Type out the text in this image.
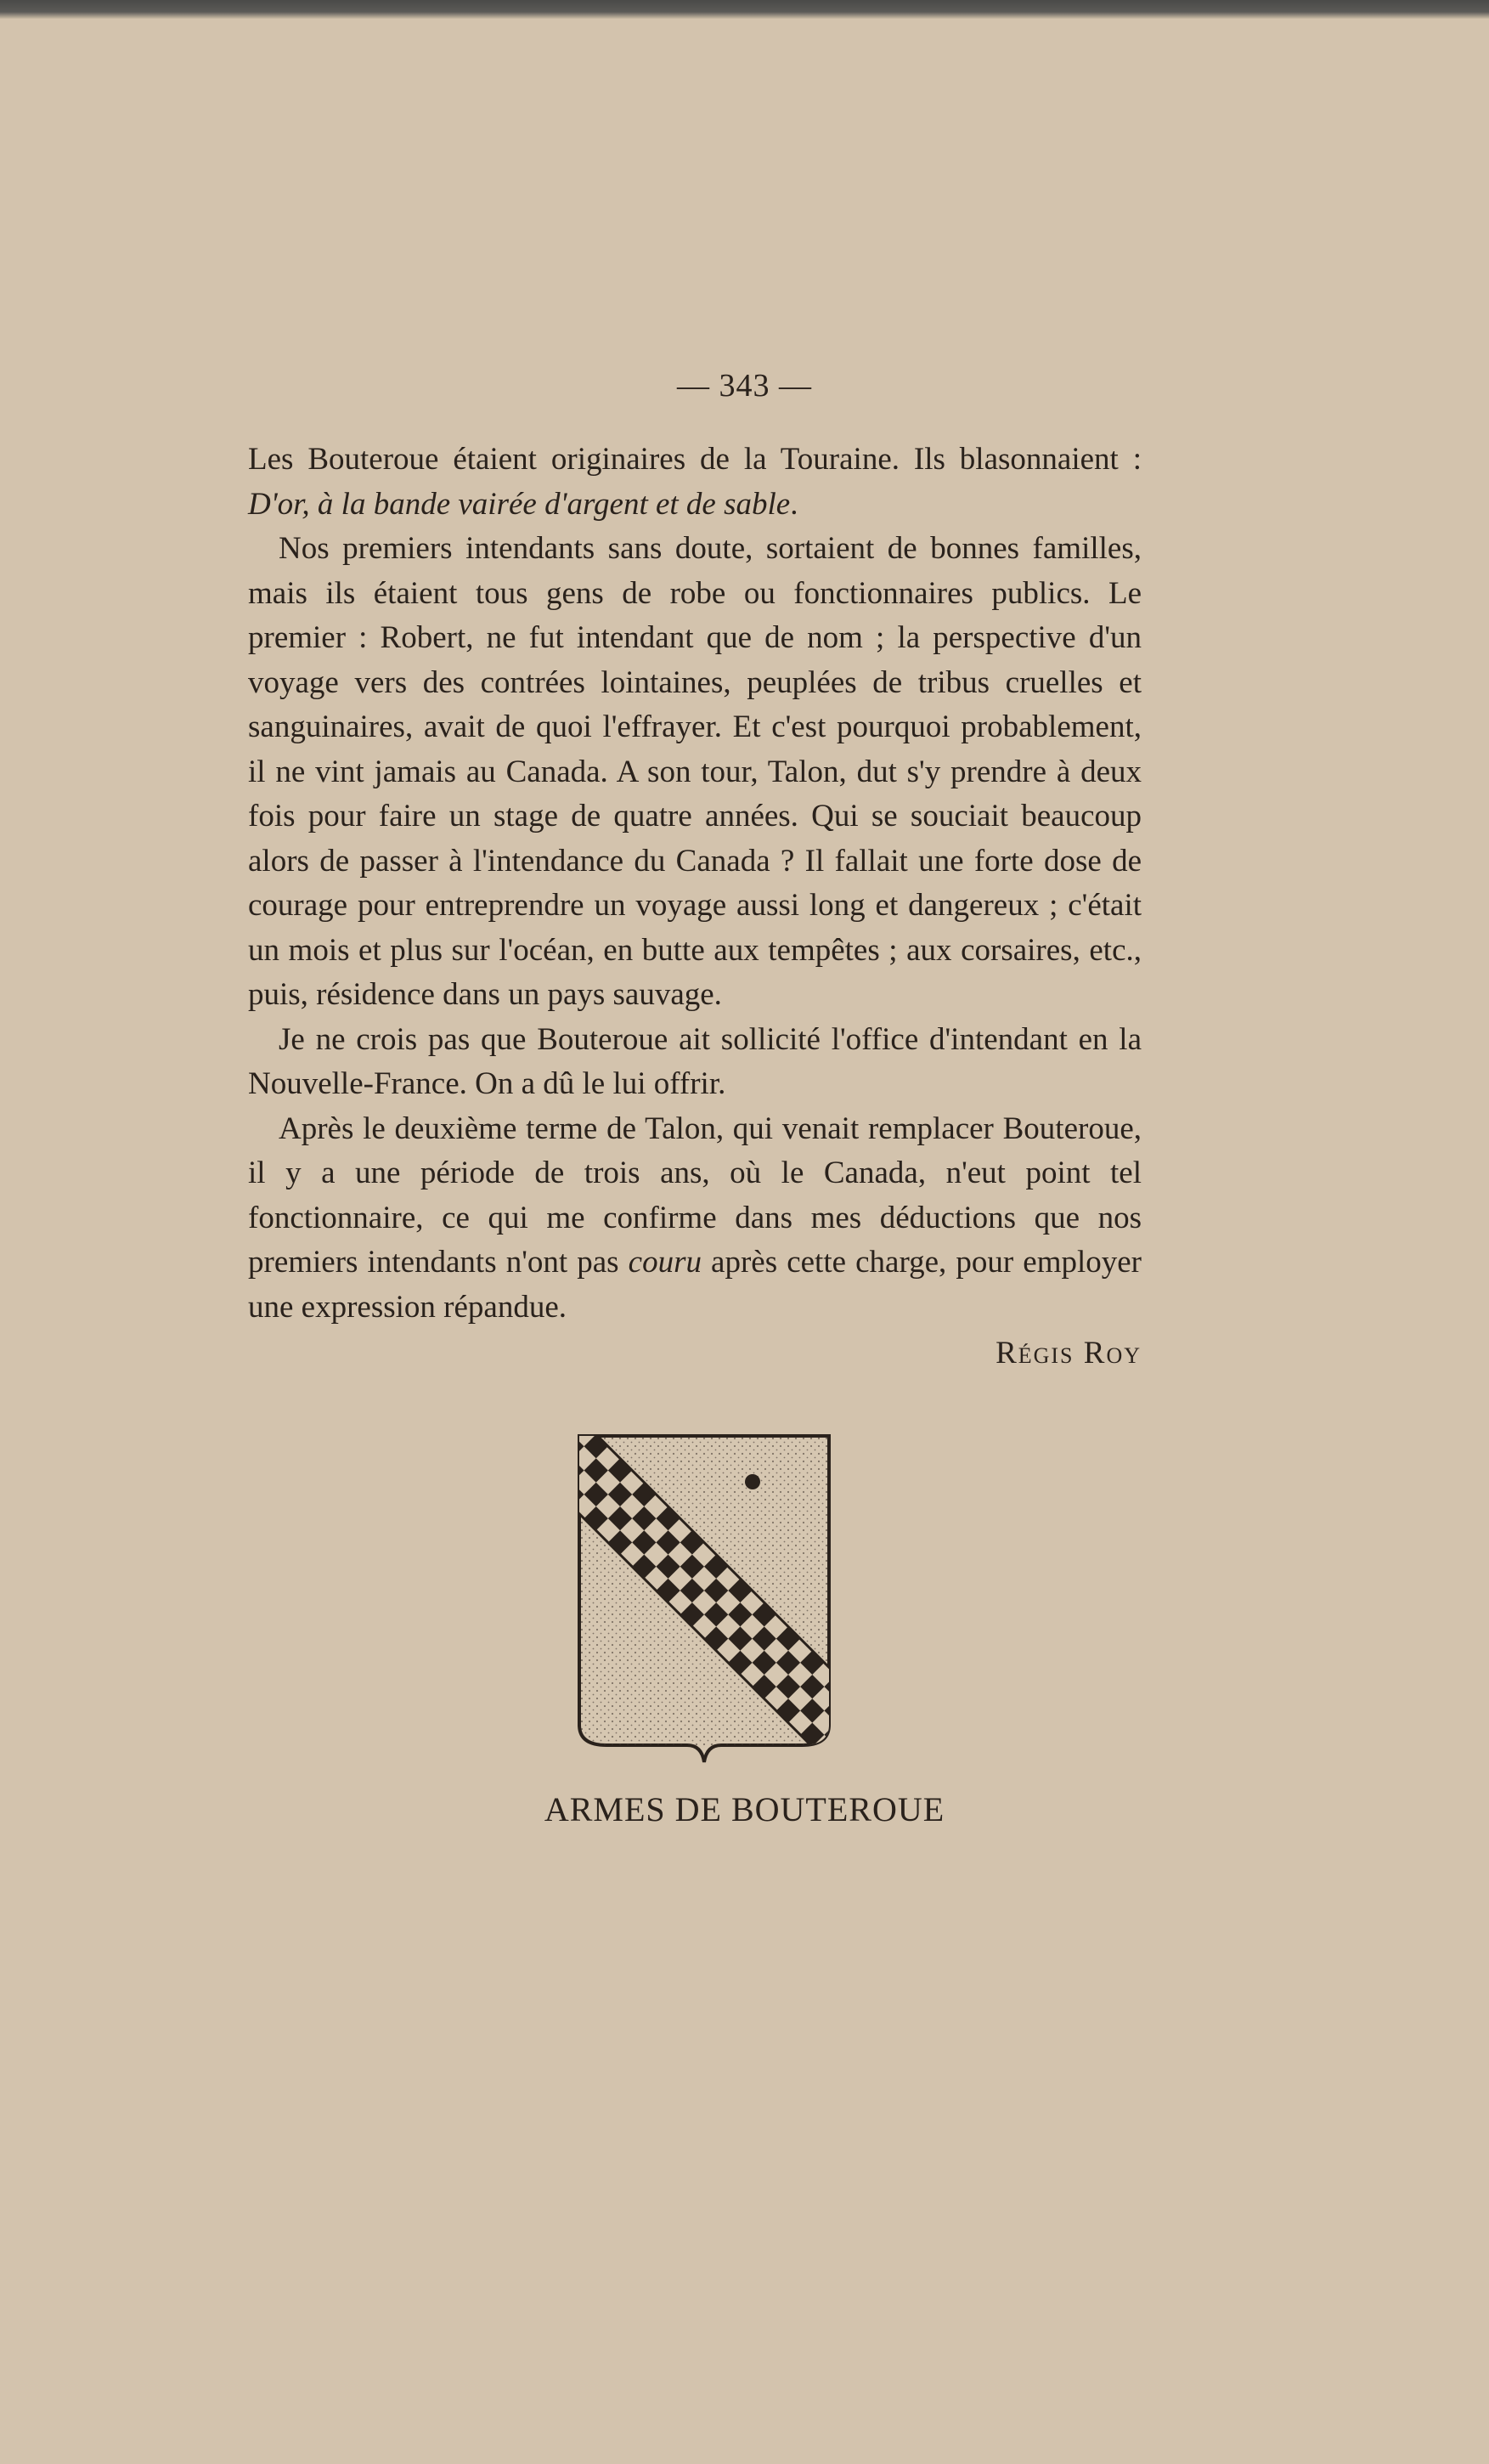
— 343 —

Les Bouteroue étaient originaires de la Touraine. Ils blasonnaient : D'or, à la bande vairée d'argent et de sable.

Nos premiers intendants sans doute, sortaient de bonnes familles, mais ils étaient tous gens de robe ou fonctionnaires publics. Le premier : Robert, ne fut intendant que de nom ; la perspective d'un voyage vers des contrées lointaines, peuplées de tribus cruelles et sanguinaires, avait de quoi l'effrayer. Et c'est pourquoi probablement, il ne vint jamais au Canada. A son tour, Talon, dut s'y prendre à deux fois pour faire un stage de quatre années. Qui se souciait beaucoup alors de passer à l'intendance du Canada ? Il fallait une forte dose de courage pour entreprendre un voyage aussi long et dangereux ; c'était un mois et plus sur l'océan, en butte aux tempêtes ; aux corsaires, etc., puis, résidence dans un pays sauvage.

Je ne crois pas que Bouteroue ait sollicité l'office d'intendant en la Nouvelle-France. On a dû le lui offrir.

Après le deuxième terme de Talon, qui venait remplacer Bouteroue, il y a une période de trois ans, où le Canada, n'eut point tel fonctionnaire, ce qui me confirme dans mes déductions que nos premiers intendants n'ont pas couru après cette charge, pour employer une expression répandue.

Régis Roy

ARMES DE BOUTEROUE
